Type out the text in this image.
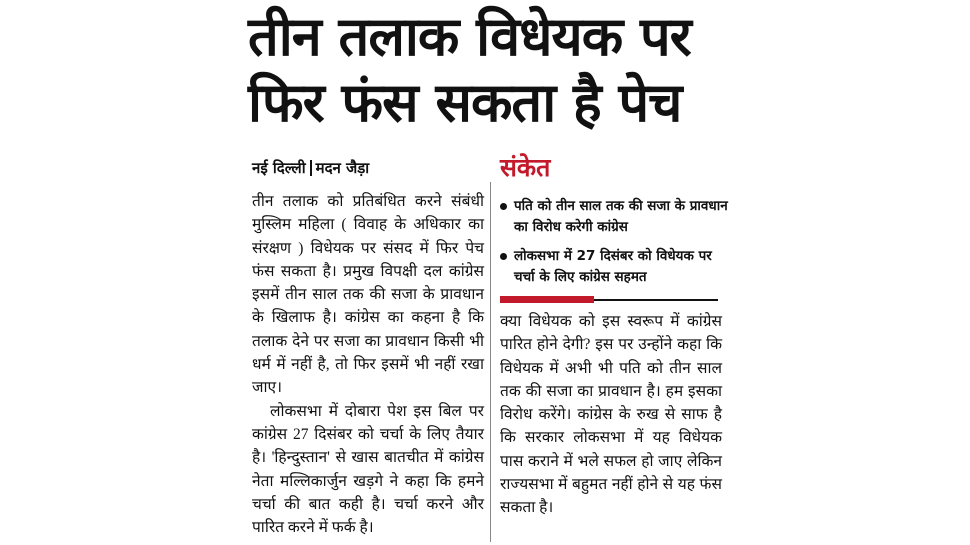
तीन तलाक विधेयक पर
फिर फंस सकता है पेच
नई दिल्ली मदन जैड़ा

तीन तलाक को प्रतिबंधित करने संबंधी मुस्लिम महिला ( विवाह के अधिकार का संरक्षण ) विधेयक पर संसद में फिर पेच फंस सकता है। प्रमुख विपक्षी दल कांग्रेस इसमें तीन साल तक की सजा के प्रावधान के खिलाफ है। कांग्रेस का कहना है कि तलाक देने पर सजा का प्रावधान किसी भी धर्म में नहीं है, तो फिर इसमें भी नहीं रखा जाए।

लोकसभा में दोबारा पेश इस बिल पर कांग्रेस 27 दिसंबर को चर्चा के लिए तैयार है। 'हिन्दुस्तान' से खास बातचीत में कांग्रेस नेता मल्लिकार्जुन खड़गे ने कहा कि हमने चर्चा की बात कही है। चर्चा करने और पारित करने में फर्क है।

संकेत
पति को तीन साल तक की सजा के प्रावधान का विरोध करेगी कांग्रेस
लोकसभा में 27 दिसंबर को विधेयक पर चर्चा के लिए कांग्रेस सहमत

क्या विधेयक को इस स्वरूप में कांग्रेस पारित होने देगी? इस पर उन्होंने कहा कि विधेयक में अभी भी पति को तीन साल तक की सजा का प्रावधान है। हम इसका विरोध करेंगे। कांग्रेस के रुख से साफ है कि सरकार लोकसभा में यह विधेयक पास कराने में भले सफल हो जाए लेकिन राज्यसभा में बहुमत नहीं होने से यह फंस सकता है।
